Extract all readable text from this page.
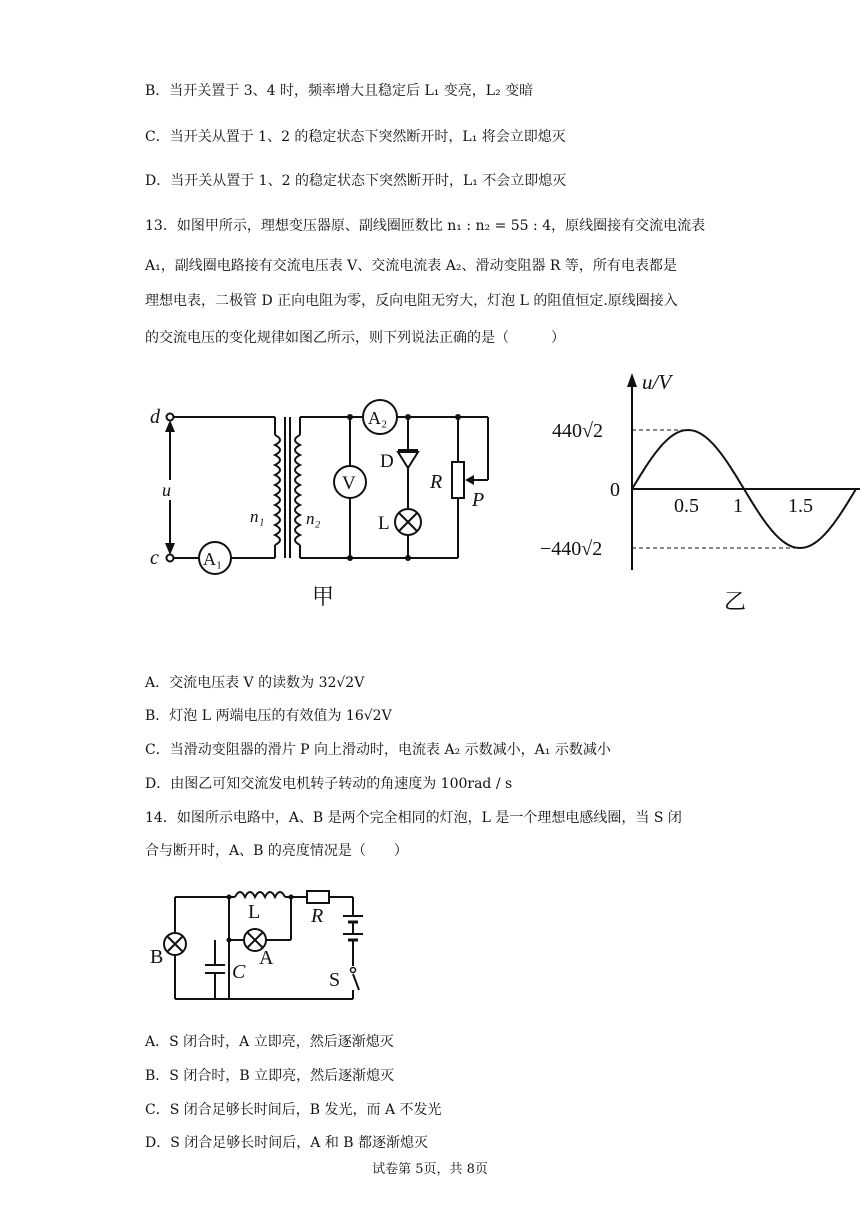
B．当开关置于 3、4 时，频率增大且稳定后 L₁ 变亮，L₂ 变暗
C．当开关从置于 1、2 的稳定状态下突然断开时，L₁ 将会立即熄灭
D．当开关从置于 1、2 的稳定状态下突然断开时，L₁ 不会立即熄灭
13．如图甲所示，理想变压器原、副线圈匝数比 n₁ : n₂ = 55 : 4，原线圈接有交流电流表
A₁，副线圈电路接有交流电压表 V、交流电流表 A₂、滑动变阻器 R 等，所有电表都是
理想电表，二极管 D 正向电阻为零，反向电阻无穷大，灯泡 L 的阻值恒定.原线圈接入
的交流电压的变化规律如图乙所示，则下列说法正确的是（　　　）
d
c
u
n₁ n₂
A₁
A₂
V
D
L
R
P
甲
u/V
440√2
−440√2
0
0.5 1 1.5
乙
A．交流电压表 V 的读数为 32√2V
B．灯泡 L 两端电压的有效值为 16√2V
C．当滑动变阻器的滑片 P 向上滑动时，电流表 A₂ 示数减小，A₁ 示数减小
D．由图乙可知交流发电机转子转动的角速度为 100rad / s
14．如图所示电路中，A、B 是两个完全相同的灯泡，L 是一个理想电感线圈，当 S 闭
合与断开时，A、B 的亮度情况是（　　）
L	R
A
B
C	S
A．S 闭合时，A 立即亮，然后逐渐熄灭
B．S 闭合时，B 立即亮，然后逐渐熄灭
C．S 闭合足够长时间后，B 发光，而 A 不发光
D．S 闭合足够长时间后，A 和 B 都逐渐熄灭
试卷第 5页，共 8页
